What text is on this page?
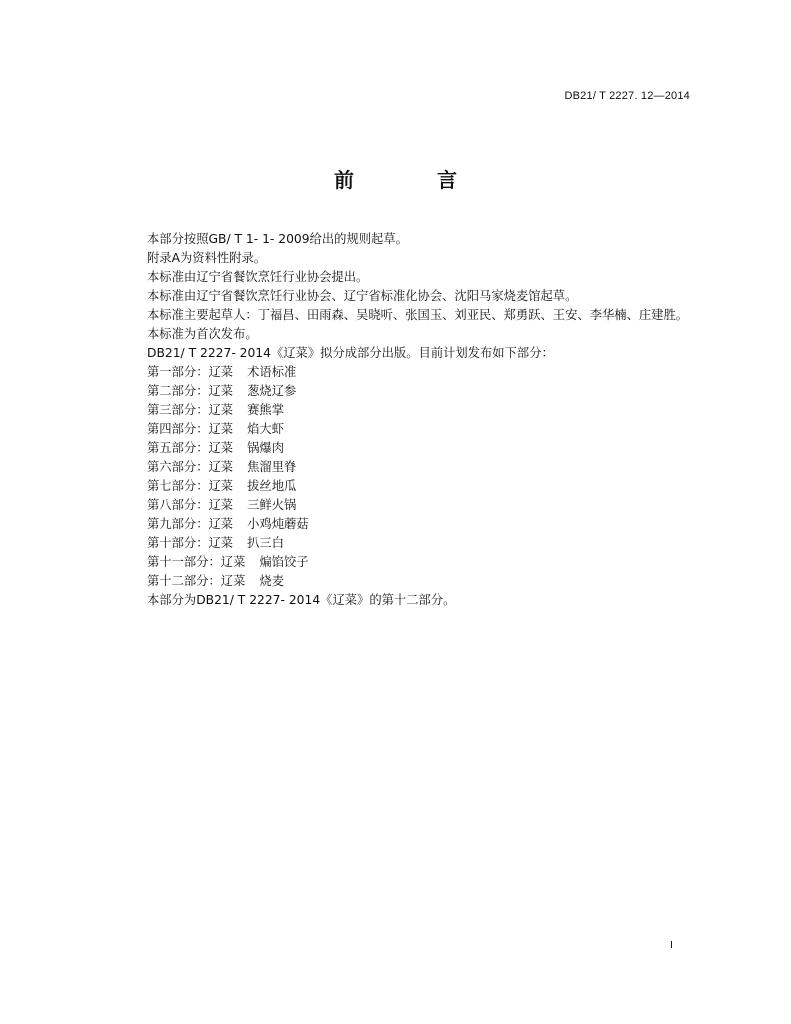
DB21/ T 2227. 12—2014
前 言
本部分按照GB/ T 1- 1- 2009给出的规则起草。
附录A为资料性附录。
本标准由辽宁省餐饮烹饪行业协会提出。
本标准由辽宁省餐饮烹饪行业协会、辽宁省标准化协会、沈阳马家烧麦馆起草。
本标准主要起草人：丁福昌、田雨森、吴晓听、张国玉、刘亚民、郑勇跃、王安、李华楠、庄建胜。
本标准为首次发布。
DB21/ T 2227- 2014《辽菜》拟分成部分出版。目前计划发布如下部分：
第一部分：辽菜 术语标准
第二部分：辽菜 葱烧辽参
第三部分：辽菜 赛熊掌
第四部分：辽菜 焰大虾
第五部分：辽菜 锅爆肉
第六部分：辽菜 焦溜里脊
第七部分：辽菜 拔丝地瓜
第八部分：辽菜 三鲜火锅
第九部分：辽菜 小鸡炖蘑菇
第十部分：辽菜 扒三白
第十一部分：辽菜 煸馅饺子
第十二部分：辽菜 烧麦
本部分为DB21/ T 2227- 2014《辽菜》的第十二部分。
I
